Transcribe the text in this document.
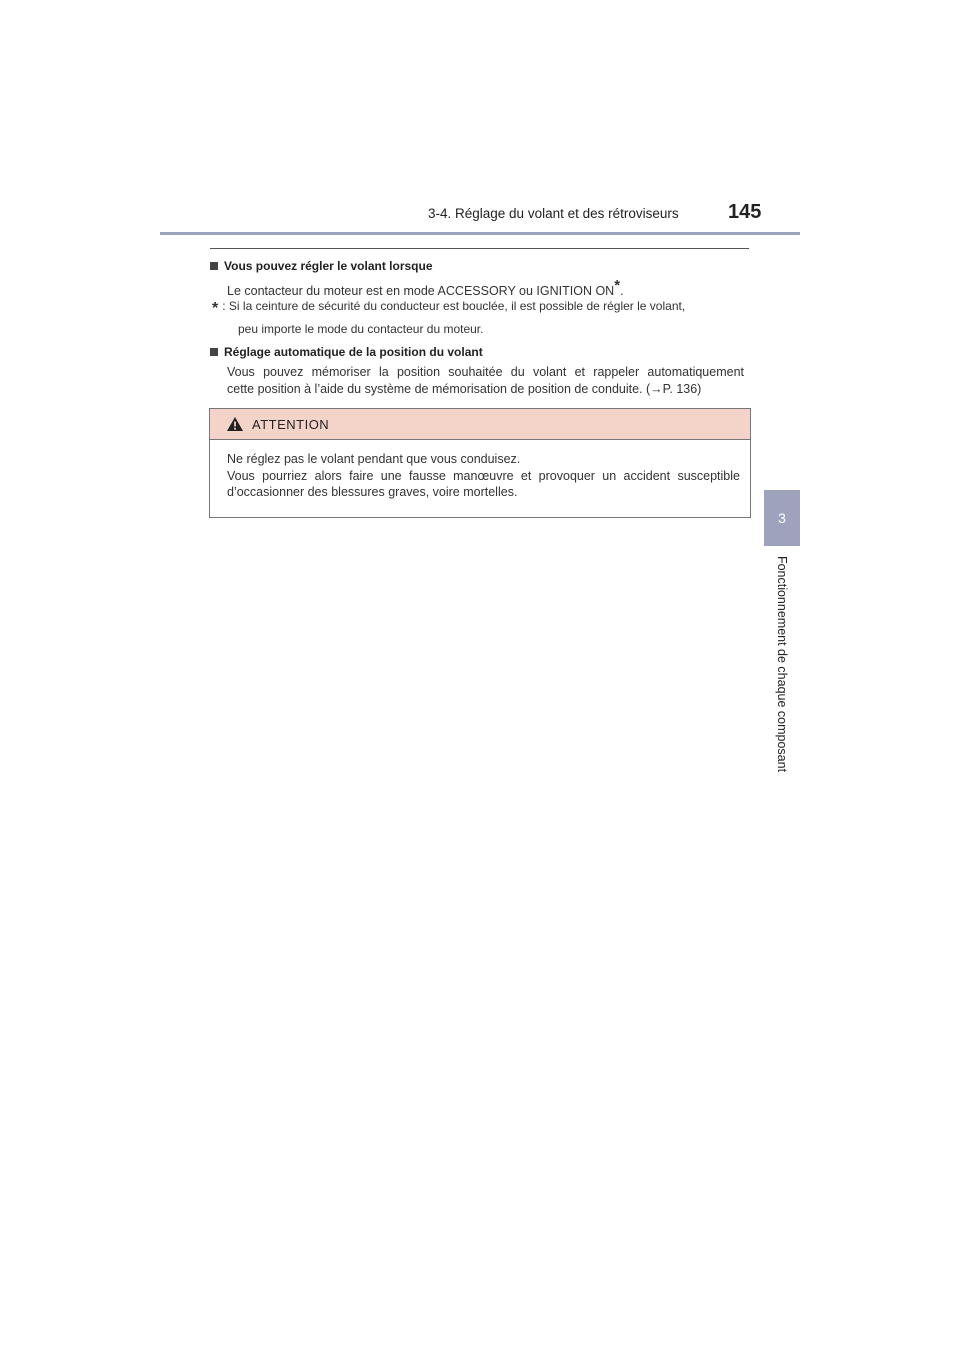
3-4. Réglage du volant et des rétroviseurs 145
3
Fonctionnement de chaque composant
Vous pouvez régler le volant lorsque
Le contacteur du moteur est en mode ACCESSORY ou IGNITION ON*.
* : Si la ceinture de sécurité du conducteur est bouclée, il est possible de régler le volant,
peu importe le mode du contacteur du moteur.
Réglage automatique de la position du volant
Vous pouvez mémoriser la position souhaitée du volant et rappeler automatiquement
cette position à l’aide du système de mémorisation de position de conduite. (→P. 136)
ATTENTION
Ne réglez pas le volant pendant que vous conduisez.
Vous pourriez alors faire une fausse manœuvre et provoquer un accident susceptible
d’occasionner des blessures graves, voire mortelles.
